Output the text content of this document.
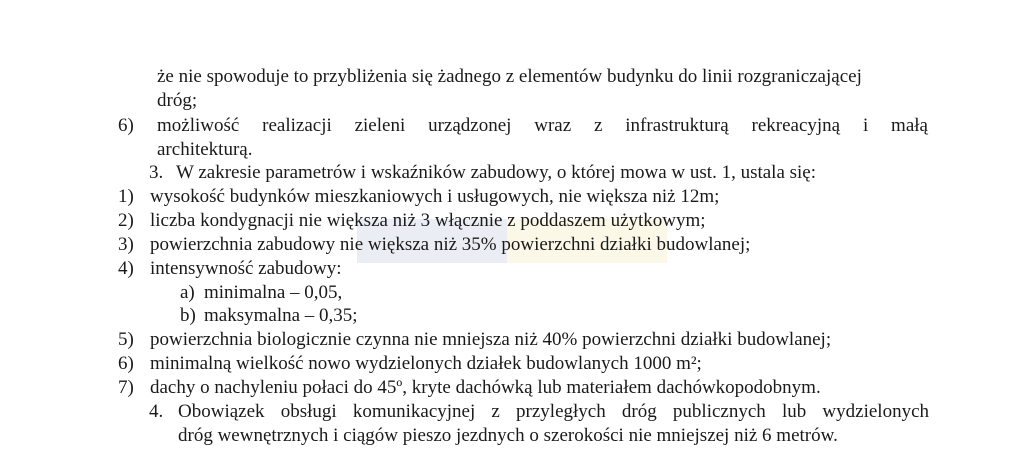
że nie spowoduje to przybliżenia się żadnego z elementów budynku do linii rozgraniczającej
dróg;
6) możliwość realizacji zieleni urządzonej wraz z infrastrukturą rekreacyjną i małą
architekturą.
3. W zakresie parametrów i wskaźników zabudowy, o której mowa w ust. 1, ustala się:
1) wysokość budynków mieszkaniowych i usługowych, nie większa niż 12m;
2) liczba kondygnacji nie większa niż 3 włącznie z poddaszem użytkowym;
3) powierzchnia zabudowy nie większa niż 35% powierzchni działki budowlanej;
4) intensywność zabudowy:
a) minimalna – 0,05,
b) maksymalna – 0,35;
5) powierzchnia biologicznie czynna nie mniejsza niż 40% powierzchni działki budowlanej;
6) minimalną wielkość nowo wydzielonych działek budowlanych 1000 m²;
7) dachy o nachyleniu połaci do 45º, kryte dachówką lub materiałem dachówkopodobnym.
4. Obowiązek obsługi komunikacyjnej z przyległych dróg publicznych lub wydzielonych
dróg wewnętrznych i ciągów pieszo jezdnych o szerokości nie mniejszej niż 6 metrów.
